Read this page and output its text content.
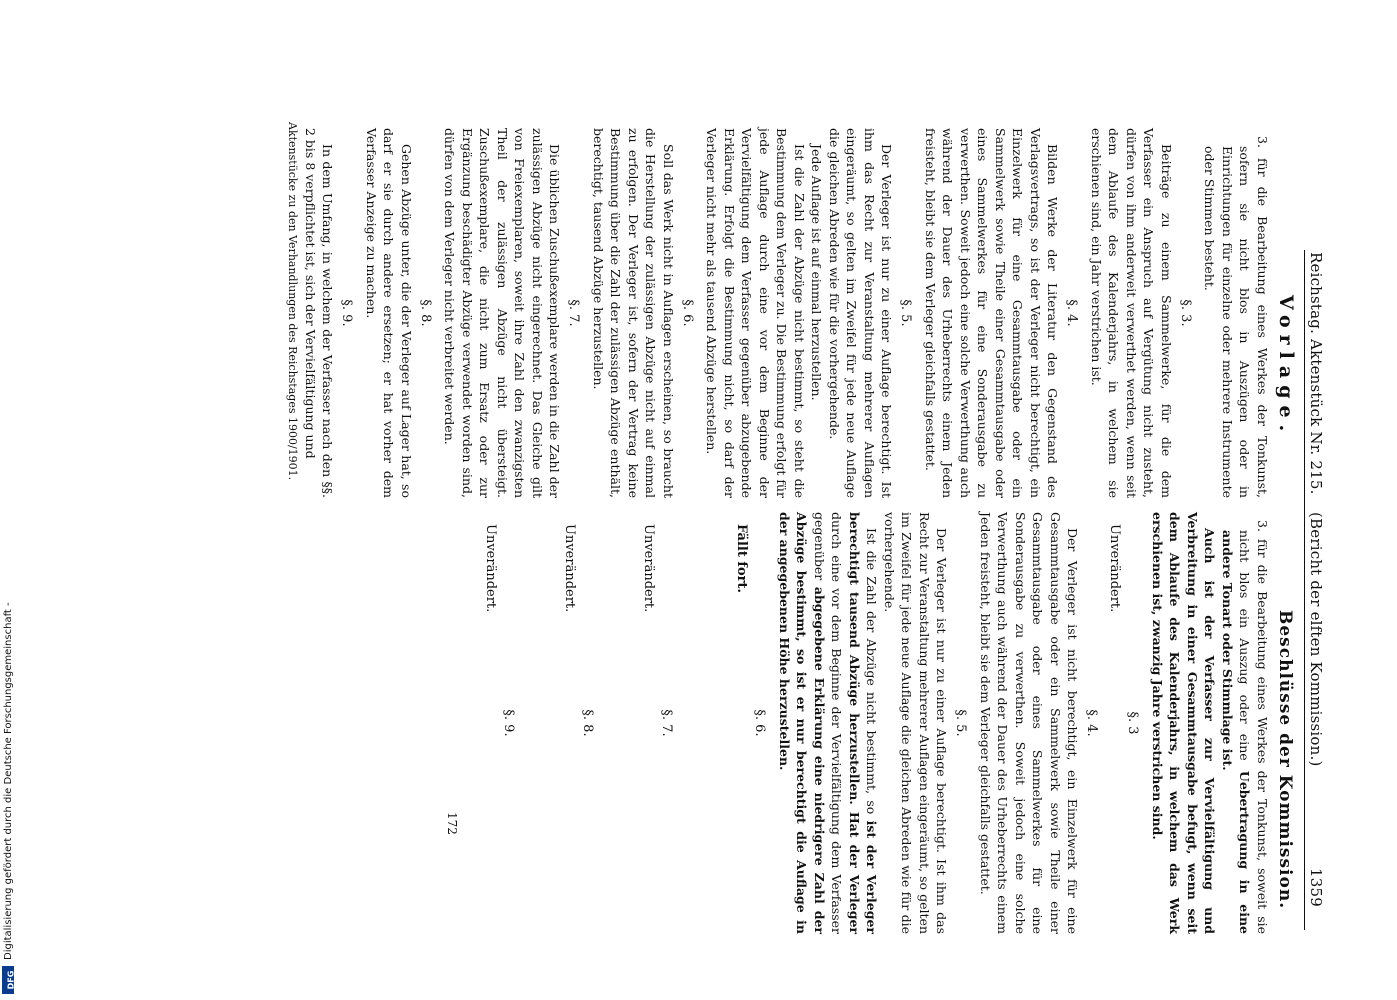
Reichstag. Aktenstück Nr. 215.
(Bericht der elften Kommission.)
1359
Vorlage.
Beschlüsse der Kommission.

3. für die Bearbeitung eines Werkes der Tonkunst, sofern sie nicht blos in Auszügen oder in Einrichtungen für einzelne oder mehrere Instrumente oder Stimmen besteht.

§. 3.

Beiträge zu einem Sammelwerke, für die dem Verfasser ein Anspruch auf Vergütung nicht zusteht, dürfen von ihm anderweit verwerthet werden, wenn seit dem Ablaufe des Kalenderjahrs, in welchem sie erschienen sind, ein Jahr verstrichen ist.

§. 4.

Bilden Werke der Literatur den Gegenstand des Verlagsvertrags, so ist der Verleger nicht berechtigt, ein Einzelwerk für eine Gesammtausgabe oder ein Sammelwerk sowie Theile einer Gesammtausgabe oder eines Sammelwerkes für eine Sonderausgabe zu verwerthen. Soweit jedoch eine solche Verwerthung auch während der Dauer des Urheberrechts einem Jeden freisteht, bleibt sie dem Verleger gleichfalls gestattet.

§. 5.

Der Verleger ist nur zu einer Auflage berechtigt. Ist ihm das Recht zur Veranstaltung mehrerer Auflagen eingeräumt, so gelten im Zweifel für jede neue Auflage die gleichen Abreden wie für die vorhergehende.

Jede Auflage ist auf einmal herzustellen.

Ist die Zahl der Abzüge nicht bestimmt, so steht die Bestimmung dem Verleger zu. Die Bestimmung erfolgt für jede Auflage durch eine vor dem Beginne der Vervielfältigung dem Verfasser gegenüber abzugebende Erklärung. Erfolgt die Bestimmung nicht, so darf der Verleger nicht mehr als tausend Abzüge herstellen.

§. 6.

Soll das Werk nicht in Auflagen erscheinen, so braucht die Herstellung der zulässigen Abzüge nicht auf einmal zu erfolgen. Der Verleger ist, sofern der Vertrag keine Bestimmung über die Zahl der zulässigen Abzüge enthält, berechtigt, tausend Abzüge herzustellen.

§. 7.

Die üblichen Zuschußexemplare werden in die Zahl der zulässigen Abzüge nicht eingerechnet. Das Gleiche gilt von Freiexemplaren, soweit ihre Zahl den zwanzigsten Theil der zulässigen Abzüge nicht übersteigt. Zuschußexemplare, die nicht zum Ersatz oder zur Ergänzung beschädigter Abzüge verwendet worden sind, dürfen von dem Verleger nicht verbreitet werden.

§. 8.

Gehen Abzüge unter, die der Verleger auf Lager hat, so darf er sie durch andere ersetzen; er hat vorher dem Verfasser Anzeige zu machen.

§. 9.

In dem Umfang, in welchem der Verfasser nach den §§. 2 bis 8 verpflichtet ist, sich der Vervielfältigung und

Aktenstücke zu den Verhandlungen des Reichstages 1900/1901.

3. für die Bearbeitung eines Werkes der Tonkunst, soweit sie nicht blos ein Auszug oder eine Uebertragung in eine andere Tonart oder Stimmlage ist.

Auch ist der Verfasser zur Vervielfältigung und Verbreitung in einer Gesammtausgabe befugt, wenn seit dem Ablaufe des Kalenderjahrs, in welchem das Werk erschienen ist, zwanzig Jahre verstrichen sind.

§. 3
Unverändert.
§. 4.

Der Verleger ist nicht berechtigt, ein Einzelwerk für eine Gesammtausgabe oder ein Sammelwerk sowie Theile einer Gesammtausgabe oder eines Sammelwerkes für eine Sonderausgabe zu verwerthen. Soweit jedoch eine solche Verwerthung auch während der Dauer des Urheberrechts einem Jeden freisteht, bleibt sie dem Verleger gleichfalls gestattet.

§. 5.

Der Verleger ist nur zu einer Auflage berechtigt. Ist ihm das Recht zur Veranstaltung mehrerer Auflagen eingeräumt, so gelten im Zweifel für jede neue Auflage die gleichen Abreden wie für die vorhergehende.

Ist die Zahl der Abzüge nicht bestimmt, so ist der Verleger berechtigt tausend Abzüge herzustellen. Hat der Verleger durch eine vor dem Beginne der Vervielfältigung dem Verfasser gegenüber abgegebene Erklärung eine niedrigere Zahl der Abzüge bestimmt, so ist er nur berechtigt die Auflage in der angegebenen Höhe herzustellen.

§. 6.
Fällt fort.
§. 7.
Unverändert.
§. 8.
Unverändert.
§. 9.
Unverändert.
172
Digitalisierung gefördert durch die Deutsche Forschungsgemeinschaft -
DFG
